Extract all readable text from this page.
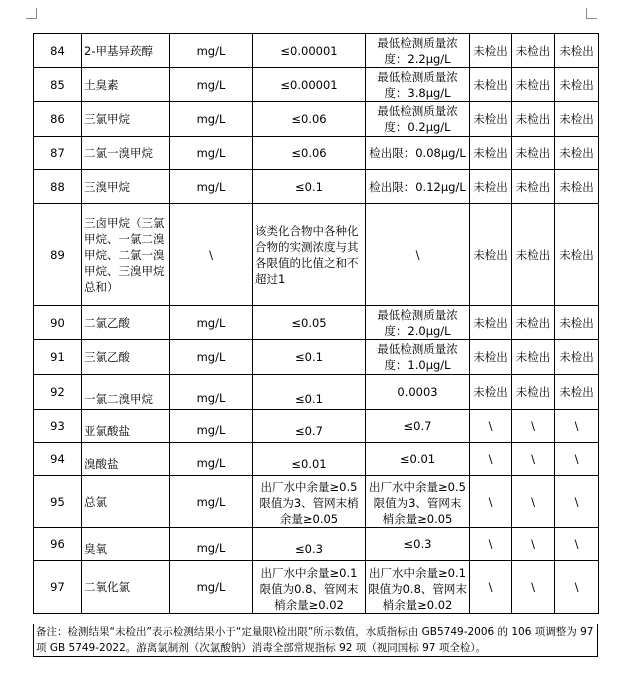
84	2-甲基异莰醇	mg/L	≤0.00001	最低检测质量浓度：2.2μg/L	未检出	未检出	未检出
85	土臭素	mg/L	≤0.00001	最低检测质量浓度：3.8μg/L	未检出	未检出	未检出
86	三氯甲烷	mg/L	≤0.06	最低检测质量浓度：0.2μg/L	未检出	未检出	未检出
87	二氯一溴甲烷	mg/L	≤0.06	检出限：0.08μg/L	未检出	未检出	未检出
88	三溴甲烷	mg/L	≤0.1	检出限：0.12μg/L	未检出	未检出	未检出
89	三卤甲烷（三氯甲烷、一氯二溴甲烷、二氯一溴甲烷、三溴甲烷总和）	\	该类化合物中各种化合物的实测浓度与其各限值的比值之和不超过1	\	未检出	未检出	未检出
90	二氯乙酸	mg/L	≤0.05	最低检测质量浓度：2.0μg/L	未检出	未检出	未检出
91	三氯乙酸	mg/L	≤0.1	最低检测质量浓度：1.0μg/L	未检出	未检出	未检出
92	一氯二溴甲烷	mg/L	≤0.1	0.0003	未检出	未检出	未检出
93	亚氯酸盐	mg/L	≤0.7	≤0.7	\	\	\
94	溴酸盐	mg/L	≤0.01	≤0.01	\	\	\
95	总氯	mg/L	出厂水中余量≥0.5限值为3、管网末梢余量≥0.05	出厂水中余量≥0.5限值为3、管网末梢余量≥0.05	\	\	\
96	臭氧	mg/L	≤0.3	≤0.3	\	\	\
97	二氧化氯	mg/L	出厂水中余量≥0.1限值为0.8、管网末梢余量≥0.02	出厂水中余量≥0.1限值为0.8、管网末梢余量≥0.02	\	\	\
备注：检测结果“未检出”表示检测结果小于“定量限\检出限”所示数值，水质指标由 GB5749-2006 的 106 项调整为 97 项 GB 5749-2022。游离氯制剂（次氯酸钠）消毒全部常规指标 92 项（视同国标 97 项全检）。
